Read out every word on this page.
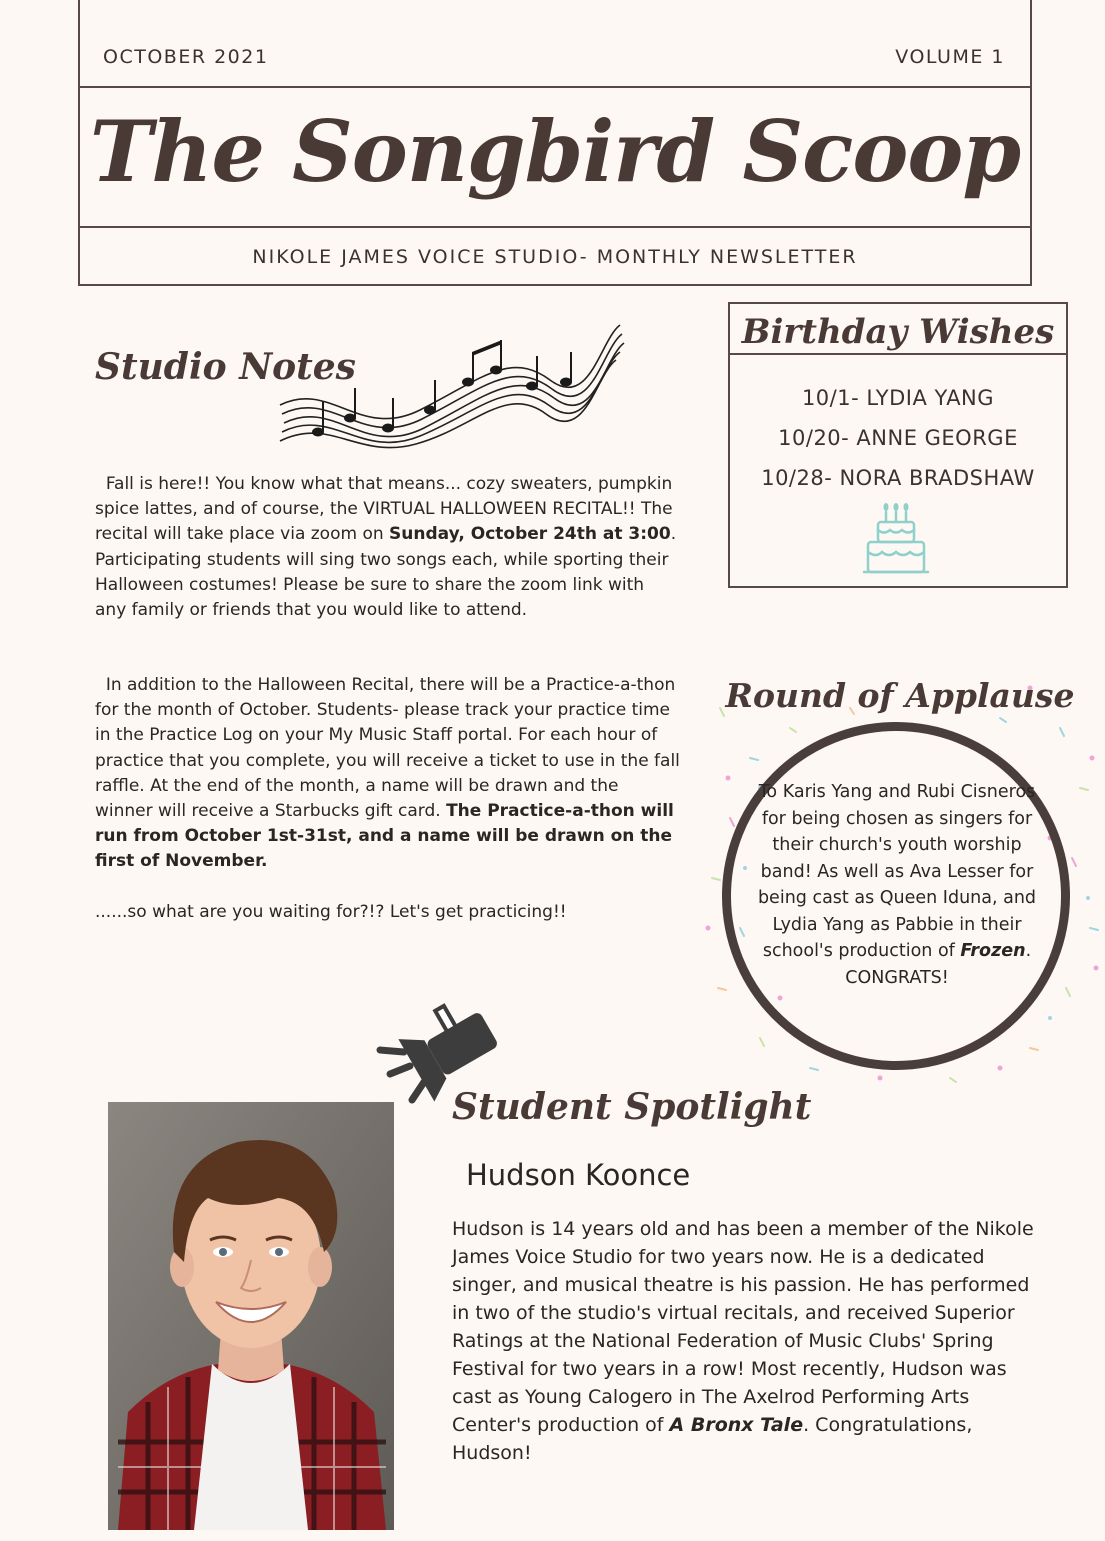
OCTOBER 2021	VOLUME 1
The Songbird Scoop
NIKOLE JAMES VOICE STUDIO- MONTHLY NEWSLETTER
Studio Notes
Fall is here!! You know what that means... cozy sweaters, pumpkin spice lattes, and of course, the VIRTUAL HALLOWEEN RECITAL!! The recital will take place via zoom on Sunday, October 24th at 3:00. Participating students will sing two songs each, while sporting their Halloween costumes! Please be sure to share the zoom link with any family or friends that you would like to attend.
In addition to the Halloween Recital, there will be a Practice-a-thon for the month of October. Students- please track your practice time in the Practice Log on your My Music Staff portal. For each hour of practice that you complete, you will receive a ticket to use in the fall raffle. At the end of the month, a name will be drawn and the winner will receive a Starbucks gift card. The Practice-a-thon will run from October 1st-31st, and a name will be drawn on the first of November.
......so what are you waiting for?!? Let's get practicing!!
Birthday Wishes
10/1- LYDIA YANG
10/20- ANNE GEORGE
10/28- NORA BRADSHAW
Round of Applause
To Karis Yang and Rubi Cisneros for being chosen as singers for their church's youth worship band! As well as Ava Lesser for being cast as Queen Iduna, and Lydia Yang as Pabbie in their school's production of Frozen. CONGRATS!
Student Spotlight
Hudson Koonce
Hudson is 14 years old and has been a member of the Nikole James Voice Studio for two years now. He is a dedicated singer, and musical theatre is his passion. He has performed in two of the studio's virtual recitals, and received Superior Ratings at the National Federation of Music Clubs' Spring Festival for two years in a row! Most recently, Hudson was cast as Young Calogero in The Axelrod Performing Arts Center's production of A Bronx Tale. Congratulations, Hudson!
